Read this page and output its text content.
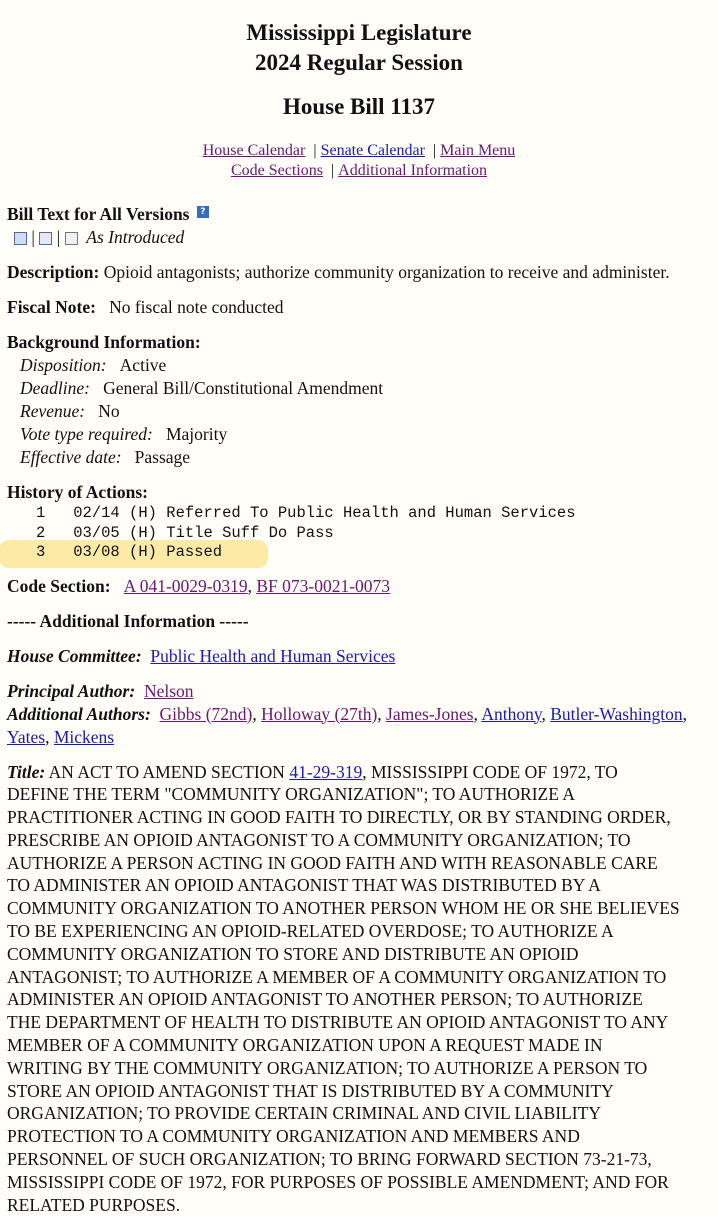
Mississippi Legislature
2024 Regular Session
House Bill 1137
House Calendar  | Senate Calendar  | Main Menu
Code Sections  | Additional Information
Bill Text for All Versions ?
| | As Introduced
Description: Opioid antagonists; authorize community organization to receive and administer.
Fiscal Note: No fiscal note conducted
Background Information:
Disposition: Active
Deadline: General Bill/Constitutional Amendment
Revenue: No
Vote type required: Majority
Effective date: Passage
History of Actions:
1 02/14 (H) Referred To Public Health and Human Services
2 03/05 (H) Title Suff Do Pass
3 03/08 (H) Passed
Code Section: A 041-0029-0319, BF 073-0021-0073
----- Additional Information -----
House Committee: Public Health and Human Services
Principal Author: Nelson
Additional Authors: Gibbs (72nd), Holloway (27th), James-Jones, Anthony, Butler-Washington, Yates, Mickens
Title: AN ACT TO AMEND SECTION 41-29-319, MISSISSIPPI CODE OF 1972, TO
DEFINE THE TERM "COMMUNITY ORGANIZATION"; TO AUTHORIZE A
PRACTITIONER ACTING IN GOOD FAITH TO DIRECTLY, OR BY STANDING ORDER,
PRESCRIBE AN OPIOID ANTAGONIST TO A COMMUNITY ORGANIZATION; TO
AUTHORIZE A PERSON ACTING IN GOOD FAITH AND WITH REASONABLE CARE
TO ADMINISTER AN OPIOID ANTAGONIST THAT WAS DISTRIBUTED BY A
COMMUNITY ORGANIZATION TO ANOTHER PERSON WHOM HE OR SHE BELIEVES
TO BE EXPERIENCING AN OPIOID-RELATED OVERDOSE; TO AUTHORIZE A
COMMUNITY ORGANIZATION TO STORE AND DISTRIBUTE AN OPIOID
ANTAGONIST; TO AUTHORIZE A MEMBER OF A COMMUNITY ORGANIZATION TO
ADMINISTER AN OPIOID ANTAGONIST TO ANOTHER PERSON; TO AUTHORIZE
THE DEPARTMENT OF HEALTH TO DISTRIBUTE AN OPIOID ANTAGONIST TO ANY
MEMBER OF A COMMUNITY ORGANIZATION UPON A REQUEST MADE IN
WRITING BY THE COMMUNITY ORGANIZATION; TO AUTHORIZE A PERSON TO
STORE AN OPIOID ANTAGONIST THAT IS DISTRIBUTED BY A COMMUNITY
ORGANIZATION; TO PROVIDE CERTAIN CRIMINAL AND CIVIL LIABILITY
PROTECTION TO A COMMUNITY ORGANIZATION AND MEMBERS AND
PERSONNEL OF SUCH ORGANIZATION; TO BRING FORWARD SECTION 73-21-73,
MISSISSIPPI CODE OF 1972, FOR PURPOSES OF POSSIBLE AMENDMENT; AND FOR
RELATED PURPOSES.
